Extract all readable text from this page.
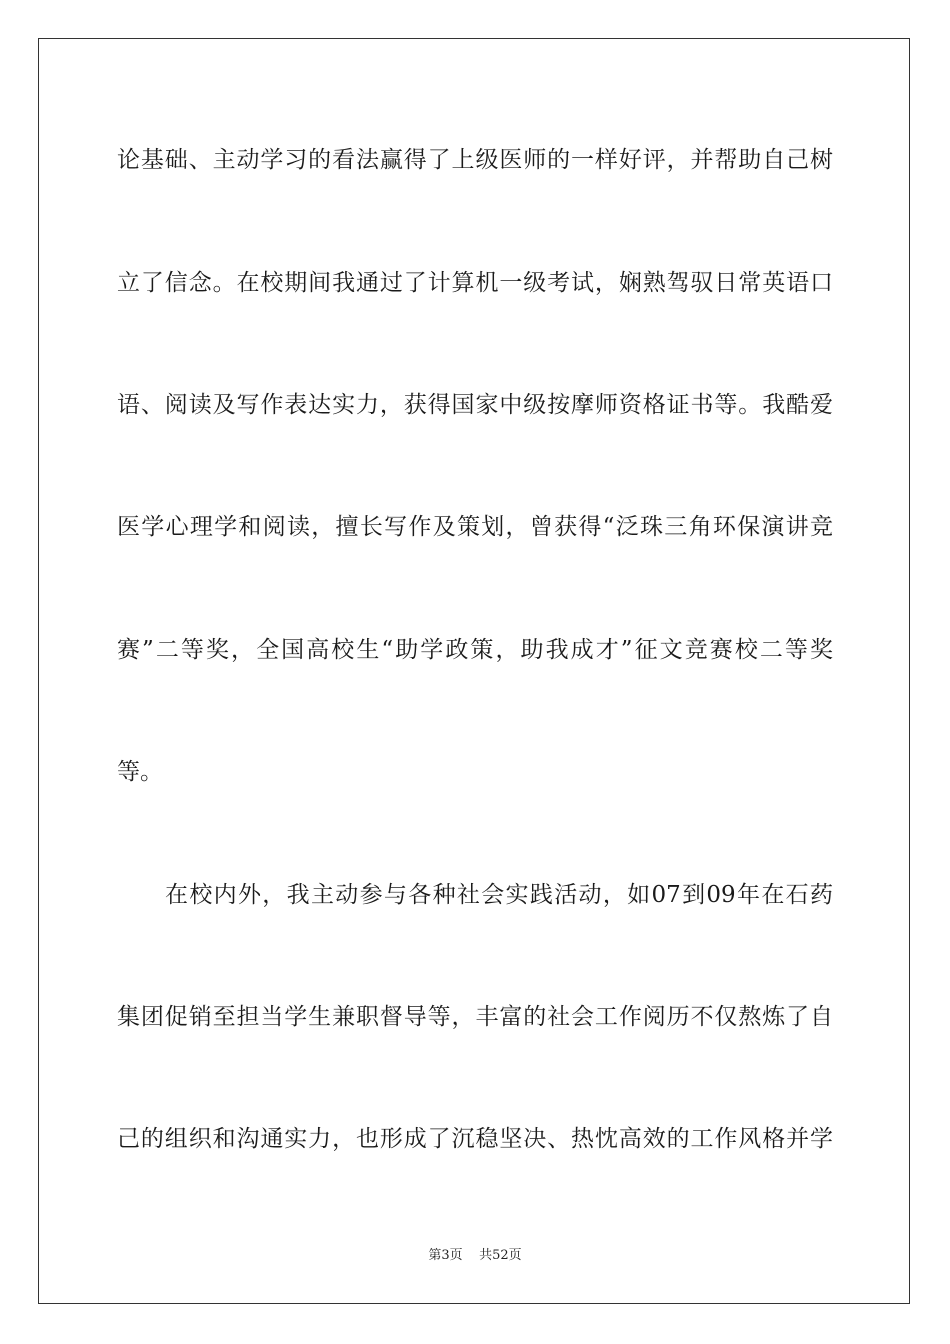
论基础、主动学习的看法赢得了上级医师的一样好评，并帮助自己树
立了信念。在校期间我通过了计算机一级考试，娴熟驾驭日常英语口
语、阅读及写作表达实力，获得国家中级按摩师资格证书等。我酷爱
医学心理学和阅读，擅长写作及策划，曾获得“泛珠三角环保演讲竞
赛”二等奖，全国高校生“助学政策，助我成才”征文竞赛校二等奖
等。
在校内外，我主动参与各种社会实践活动，如07到09年在石药
集团促销至担当学生兼职督导等，丰富的社会工作阅历不仅熬炼了自
己的组织和沟通实力，也形成了沉稳坚决、热忱高效的工作风格并学
第3页    共52页
